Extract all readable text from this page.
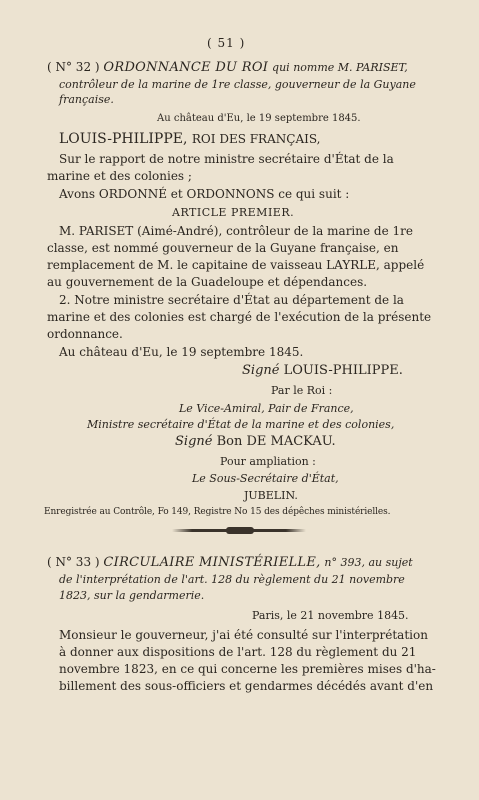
( 51 )
( N° 32 ) ORDONNANCE DU ROI qui nomme M. PARISET,
contrôleur de la marine de 1re classe, gouverneur de la Guyane
française.
Au château d'Eu, le 19 septembre 1845.
LOUIS-PHILIPPE, ROI DES FRANÇAIS,
Sur le rapport de notre ministre secrétaire d'État de la
marine et des colonies ;
Avons ORDONNÉ et ORDONNONS ce qui suit :
ARTICLE PREMIER.
M. PARISET (Aimé-André), contrôleur de la marine de 1re
classe, est nommé gouverneur de la Guyane française, en
remplacement de M. le capitaine de vaisseau LAYRLE, appelé
au gouvernement de la Guadeloupe et dépendances.
2. Notre ministre secrétaire d'État au département de la
marine et des colonies est chargé de l'exécution de la présente
ordonnance.
Au château d'Eu, le 19 septembre 1845.
Signé LOUIS-PHILIPPE.
Par le Roi :
Le Vice-Amiral, Pair de France,
Ministre secrétaire d'État de la marine et des colonies,
Signé Bon DE MACKAU.
Pour ampliation :
Le Sous-Secrétaire d'État,
JUBELIN.
Enregistrée au Contrôle, Fo 149, Registre No 15 des dépêches ministérielles.
( N° 33 ) CIRCULAIRE MINISTÉRIELLE, n° 393, au sujet
de l'interprétation de l'art. 128 du règlement du 21 novembre
1823, sur la gendarmerie.
Paris, le 21 novembre 1845.
Monsieur le gouverneur, j'ai été consulté sur l'interprétation
à donner aux dispositions de l'art. 128 du règlement du 21
novembre 1823, en ce qui concerne les premières mises d'ha-
billement des sous-officiers et gendarmes décédés avant d'en
